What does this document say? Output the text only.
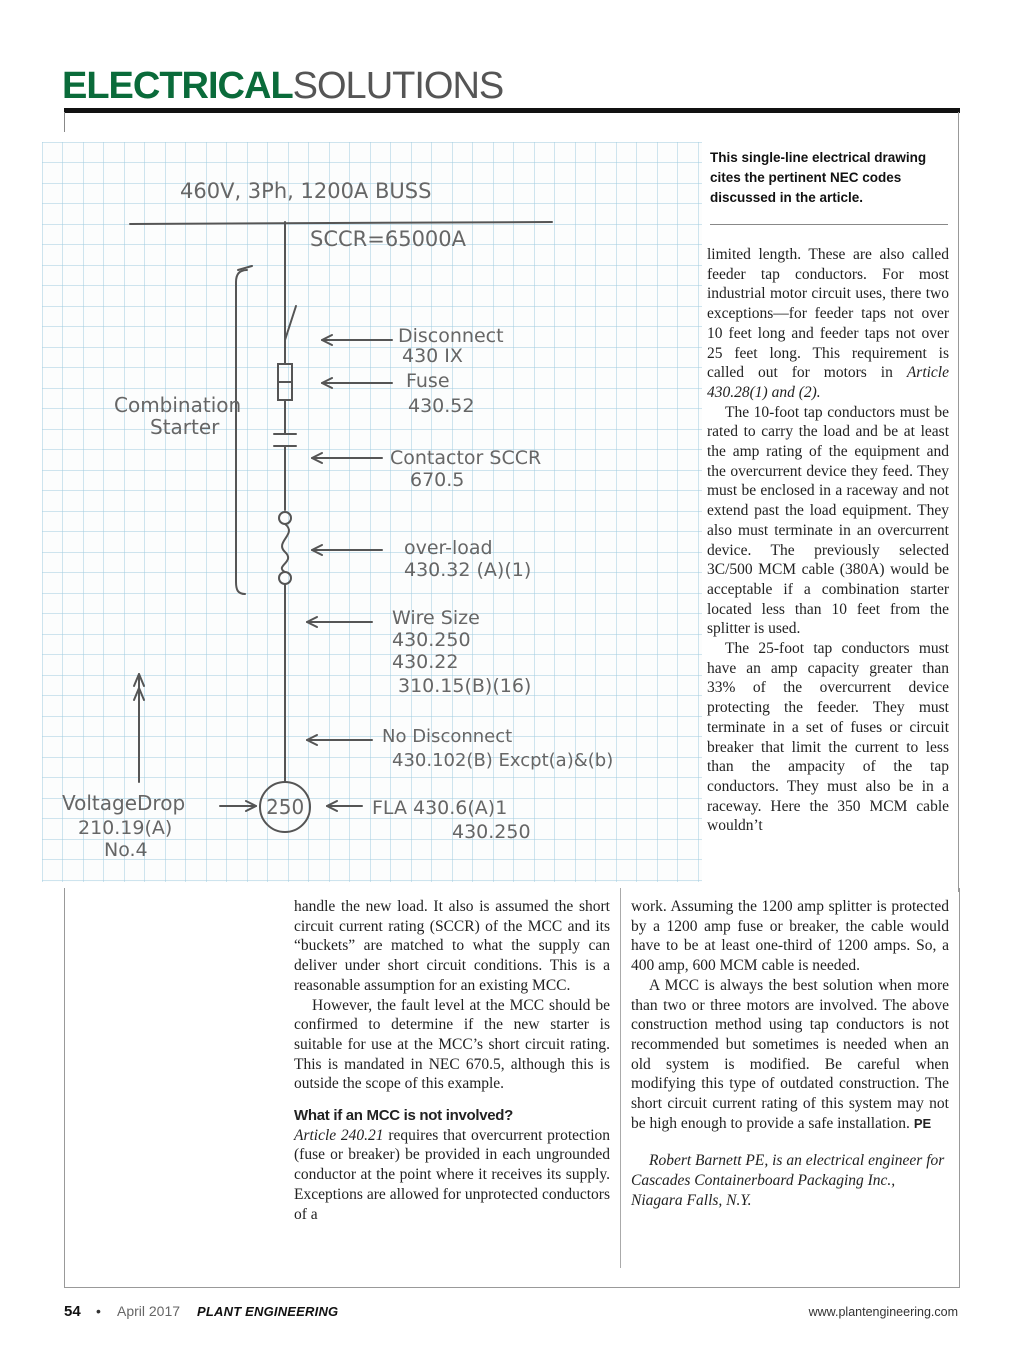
ELECTRICALSOLUTIONS
460V, 3Ph, 1200A BUSS
SCCR=65000A
Combination
Starter
Disconnect
430 IX
Fuse
430.52
Contactor SCCR
670.5
over-load
430.32 (A)(1)
Wire Size
430.250
430.22
310.15(B)(16)
No Disconnect
430.102(B) Excpt(a)&(b)
VoltageDrop
210.19(A)
No.4
250	FLA 430.6(A)1
430.250
This single-line electrical drawing cites the pertinent NEC codes discussed in the article.

limited length. These are also called feeder tap conductors. For most industrial motor circuit uses, there two exceptions—for feeder taps not over 10 feet long and feeder taps not over 25 feet long. This requirement is called out for motors in Article 430.28(1) and (2).

The 10-foot tap conductors must be rated to carry the load and be at least the amp rating of the equipment and the overcurrent device they feed. They must be enclosed in a raceway and not extend past the load equipment. They also must terminate in an overcurrent device. The previously selected 3C/500 MCM cable (380A) would be acceptable if a combination starter located less than 10 feet from the splitter is used.

The 25-foot tap conductors must have an amp capacity greater than 33% of the overcurrent device protecting the feeder. They must terminate in a set of fuses or circuit breaker that limit the current to less than the ampacity of the tap conductors. They must also be in a raceway. Here the 350 MCM cable wouldn’t

handle the new load. It also is assumed the short circuit current rating (SCCR) of the MCC and its “buckets” are matched to what the supply can deliver under short circuit conditions. This is a reasonable assumption for an existing MCC.

However, the fault level at the MCC should be confirmed to determine if the new starter is suitable for use at the MCC’s short circuit rating. This is mandated in NEC 670.5, although this is outside the scope of this example.

What if an MCC is not involved?

Article 240.21 requires that overcurrent protection (fuse or breaker) be provided in each ungrounded conductor at the point where it receives its supply. Exceptions are allowed for unprotected conductors of a

work. Assuming the 1200 amp splitter is protected by a 1200 amp fuse or breaker, the cable would have to be at least one-third of 1200 amps. So, a 400 amp, 600 MCM cable is needed.

A MCC is always the best solution when more than two or three motors are involved. The above construction method using tap conductors is not recommended but sometimes is needed when an old system is modified. Be careful when modifying this type of outdated construction. The short circuit current rating of this system may not be high enough to provide a safe installation. PE

Robert Barnett PE, is an electrical engineer for Cascades Containerboard Packaging Inc., Niagara Falls, N.Y.

54 • April 2017 PLANT ENGINEERING	www.plantengineering.com
